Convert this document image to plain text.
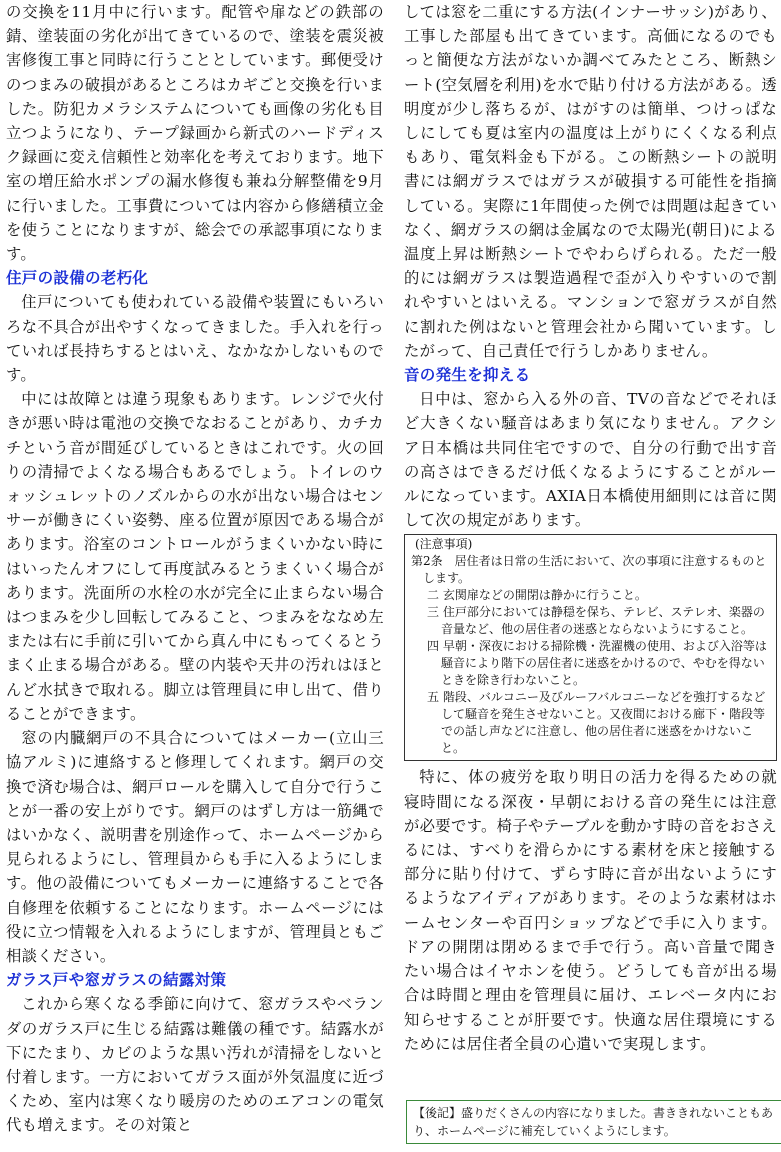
の交換を11月中に行います。配管や扉などの鉄部の錆、塗装面の劣化が出てきているので、塗装を震災被害修復工事と同時に行うこととしています。郵便受けのつまみの破損があるところはカギごと交換を行いました。防犯カメラシステムについても画像の劣化も目立つようになり、テープ録画から新式のハードディスク録画に変え信頼性と効率化を考えております。地下室の増圧給水ポンプの漏水修復も兼ね分解整備を9月に行いました。工事費については内容から修繕積立金を使うことになりますが、総会での承認事項になります。

住戸の設備の老朽化

住戸についても使われている設備や装置にもいろいろな不具合が出やすくなってきました。手入れを行っていれば長持ちするとはいえ、なかなかしないものです。

中には故障とは違う現象もあります。レンジで火付きが悪い時は電池の交換でなおることがあり、カチカチという音が間延びしているときはこれです。火の回りの清掃でよくなる場合もあるでしょう。トイレのウォッシュレットのノズルからの水が出ない場合はセンサーが働きにくい姿勢、座る位置が原因である場合があります。浴室のコントロールがうまくいかない時にはいったんオフにして再度試みるとうまくいく場合があります。洗面所の水栓の水が完全に止まらない場合はつまみを少し回転してみること、つまみをななめ左または右に手前に引いてから真ん中にもってくるとうまく止まる場合がある。壁の内装や天井の汚れはほとんど水拭きで取れる。脚立は管理員に申し出て、借りることができます。

窓の内臓網戸の不具合についてはメーカー(立山三協アルミ)に連絡すると修理してくれます。網戸の交換で済む場合は、網戸ロールを購入して自分で行うことが一番の安上がりです。網戸のはずし方は一筋縄ではいかなく、説明書を別途作って、ホームページから見られるようにし、管理員からも手に入るようにします。他の設備についてもメーカーに連絡することで各自修理を依頼することになります。ホームページには役に立つ情報を入れるようにしますが、管理員ともご相談ください。

ガラス戸や窓ガラスの結露対策

これから寒くなる季節に向けて、窓ガラスやベランダのガラス戸に生じる結露は難儀の種です。結露水が下にたまり、カビのような黒い汚れが清掃をしないと付着します。一方においてガラス面が外気温度に近づくため、室内は寒くなり暖房のためのエアコンの電気代も増えます。その対策と

しては窓を二重にする方法(インナーサッシ)があり、工事した部屋も出てきています。高価になるのでもっと簡便な方法がないか調べてみたところ、断熱シート(空気層を利用)を水で貼り付ける方法がある。透明度が少し落ちるが、はがすのは簡単、つけっぱなしにしても夏は室内の温度は上がりにくくなる利点もあり、電気料金も下がる。この断熱シートの説明書には網ガラスではガラスが破損する可能性を指摘している。実際に1年間使った例では問題は起きていなく、網ガラスの網は金属なので太陽光(朝日)による温度上昇は断熱シートでやわらげられる。ただ一般的には網ガラスは製造過程で歪が入りやすいので割れやすいとはいえる。マンションで窓ガラスが自然に割れた例はないと管理会社から聞いています。したがって、自己責任で行うしかありません。

音の発生を抑える

日中は、窓から入る外の音、TVの音などでそれほど大きくない騒音はあまり気になりません。アクシア日本橋は共同住宅ですので、自分の行動で出す音の高さはできるだけ低くなるようにすることがルールになっています。AXIA日本橋使用細則には音に関して次の規定があります。

(注意事項)

第2条　居住者は日常の生活において、次の事項に注意するものとします。

二 玄関扉などの開閉は静かに行うこと。

三 住戸部分においては静穏を保ち、テレビ、ステレオ、楽器の音量など、他の居住者の迷惑とならないようにすること。

四 早朝・深夜における掃除機・洗濯機の使用、および入浴等は騒音により階下の居住者に迷惑をかけるので、やむを得ないときを除き行わないこと。

五 階段、バルコニー及びルーフバルコニーなどを強打するなどして騒音を発生させないこと。又夜間における廊下・階段等での話し声などに注意し、他の居住者に迷惑をかけないこと。

特に、体の疲労を取り明日の活力を得るための就寝時間になる深夜・早朝における音の発生には注意が必要です。椅子やテーブルを動かす時の音をおさえるには、すべりを滑らかにする素材を床と接触する部分に貼り付けて、ずらす時に音が出ないようにするようなアイディアがあります。そのような素材はホームセンターや百円ショップなどで手に入ります。ドアの開閉は閉めるまで手で行う。高い音量で聞きたい場合はイヤホンを使う。どうしても音が出る場合は時間と理由を管理員に届け、エレベータ内にお知らせすることが肝要です。快適な居住環境にするためには居住者全員の心遣いで実現します。

【後記】盛りだくさんの内容になりました。書ききれないこともあり、ホームページに補充していくようにします。
